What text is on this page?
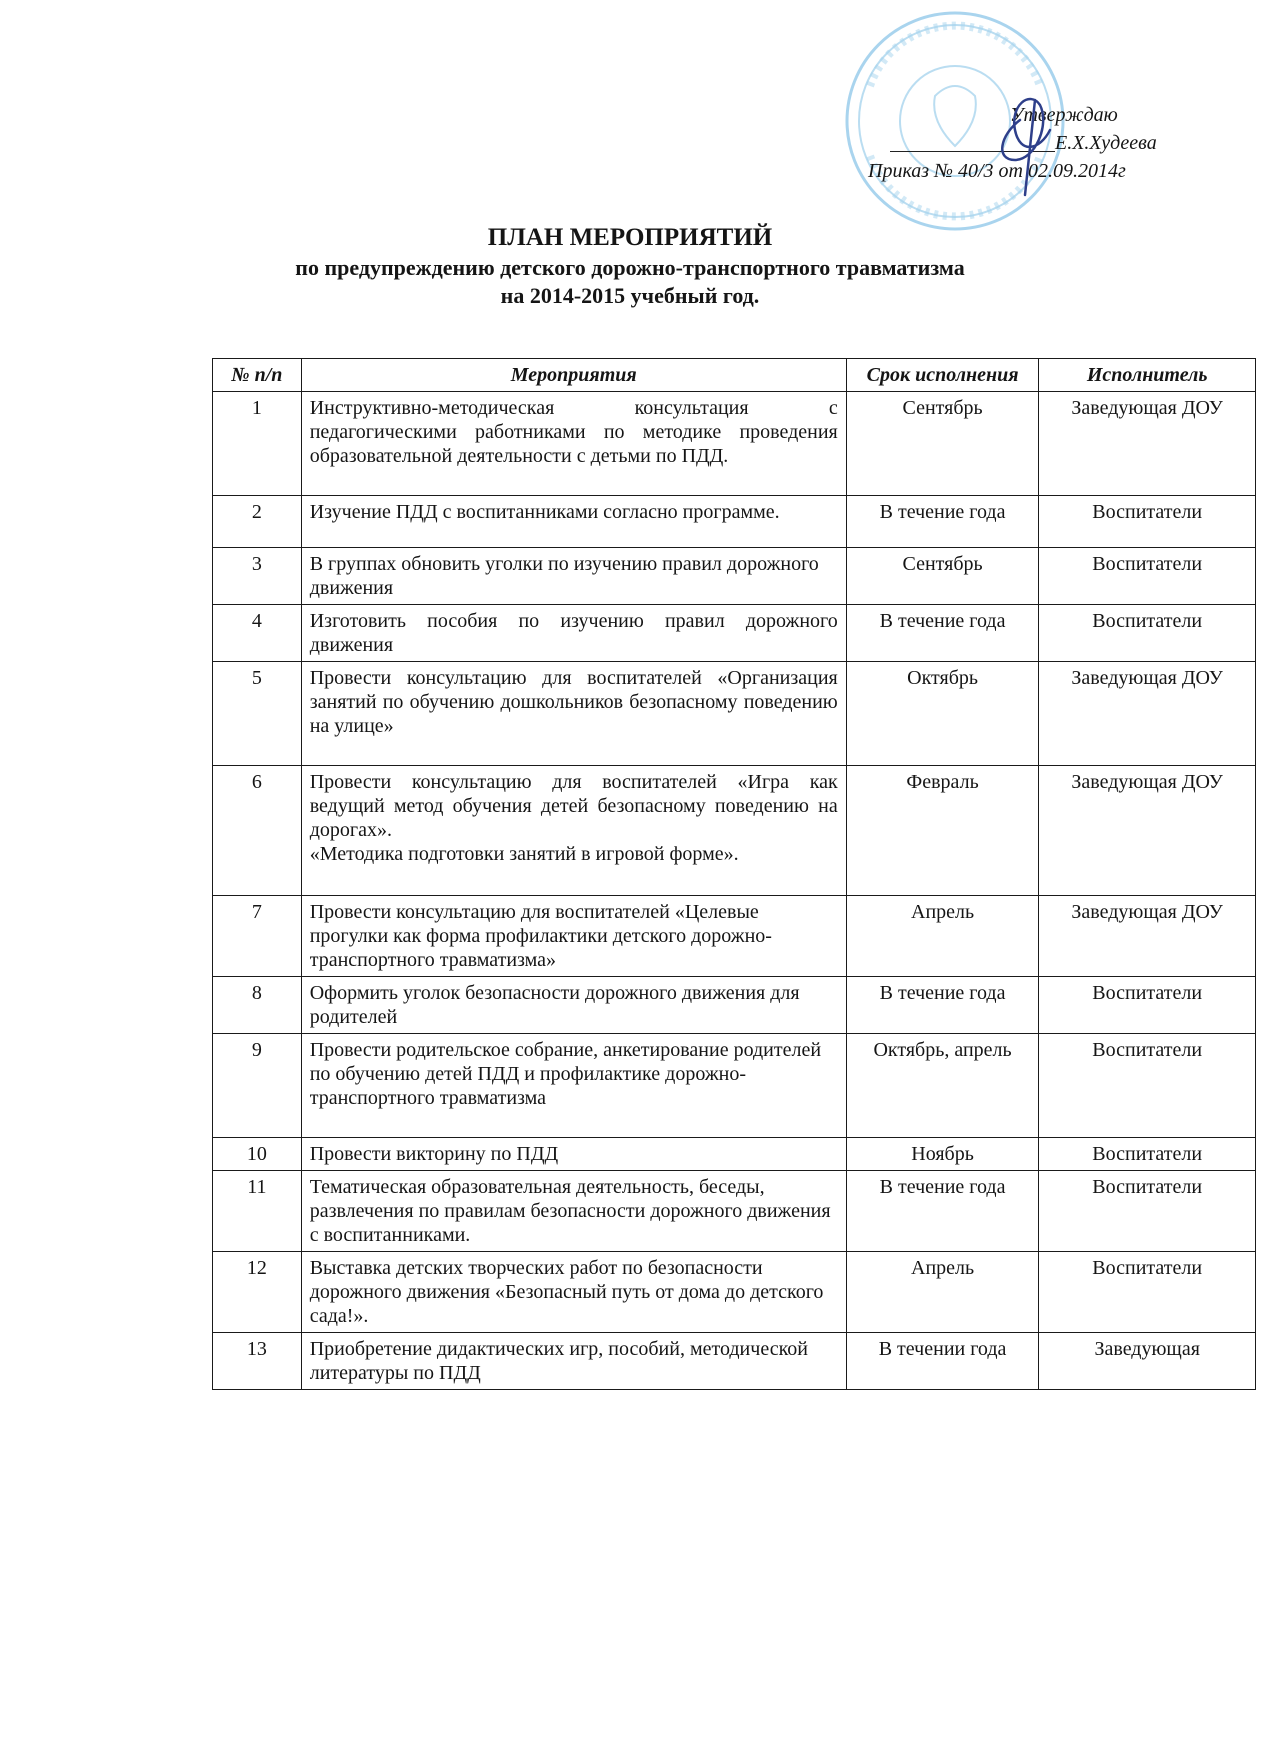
Утверждаю
Е.Х.Худеева
Приказ № 40/3 от 02.09.2014г
ПЛАН МЕРОПРИЯТИЙ
по предупреждению детского дорожно-транспортного травматизма
на 2014-2015 учебный год.
№ п/п	Мероприятия	Срок исполнения	Исполнитель
1	Инструктивно-методическая консультация с педагогическими работниками по методике проведения образовательной деятельности с детьми по ПДД.	Сентябрь	Заведующая ДОУ
2	Изучение ПДД с воспитанниками согласно программе.	В течение года	Воспитатели
3	В группах обновить уголки по изучению правил дорожного движения	Сентябрь	Воспитатели
4	Изготовить пособия по изучению правил дорожного движения	В течение года	Воспитатели
5	Провести консультацию для воспитателей «Организация занятий по обучению дошкольников безопасному поведению на улице»	Октябрь	Заведующая ДОУ
6	Провести консультацию для воспитателей «Игра как ведущий метод обучения детей безопасному поведению на дорогах».
«Методика подготовки занятий в игровой форме».	Февраль	Заведующая ДОУ
7	Провести консультацию для воспитателей «Целевые прогулки как форма профилактики детского дорожно-транспортного травматизма»	Апрель	Заведующая ДОУ
8	Оформить уголок безопасности дорожного движения для родителей	В течение года	Воспитатели
9	Провести родительское собрание, анкетирование родителей по обучению детей ПДД и профилактике дорожно-транспортного травматизма	Октябрь, апрель	Воспитатели
10	Провести викторину по ПДД	Ноябрь	Воспитатели
11	Тематическая образовательная деятельность, беседы, развлечения по правилам безопасности дорожного движения с воспитанниками.	В течение года	Воспитатели
12	Выставка детских творческих работ по безопасности дорожного движения «Безопасный путь от дома до детского сада!».	Апрель	Воспитатели
13	Приобретение дидактических игр, пособий, методической литературы по ПДД	В течении года	Заведующая
